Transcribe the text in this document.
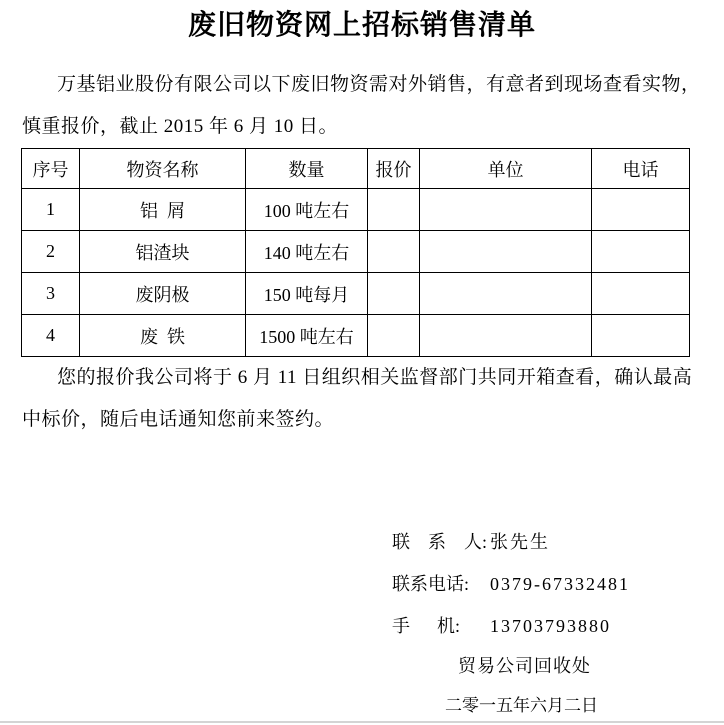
废旧物资网上招标销售清单
万基铝业股份有限公司以下废旧物资需对外销售，有意者到现场查看实物，
慎重报价，截止 2015 年 6 月 10 日。
序号	物资名称	数量	报价	单位	电话
1	铝 屑	100 吨左右			
2	铝渣块	140 吨左右			
3	废阴极	150 吨每月			
4	废 铁	1500 吨左右			
您的报价我公司将于 6 月 11 日组织相关监督部门共同开箱查看，确认最高
中标价，随后电话通知您前来签约。
联　系　人: 张先生
联系电话:	0379-67332481
手　 机:	13703793880
贸易公司回收处
二零一五年六月二日
